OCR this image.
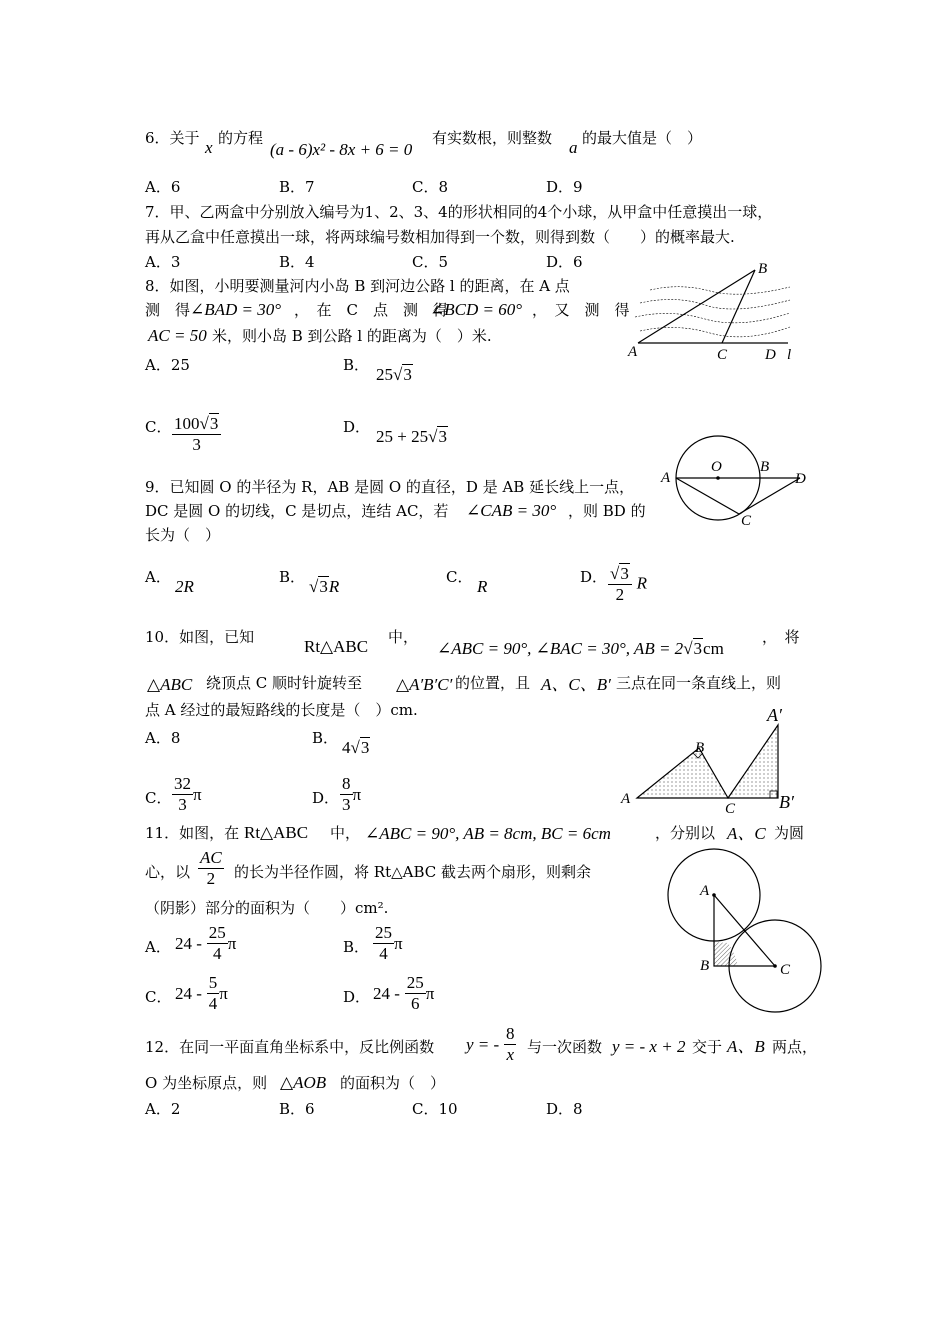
6．关于 x 的方程
(a - 6)x² - 8x + 6 = 0
有实数根，则整数 a 的最大值是（　）
A．6	B．7	C．8	D．9
7．甲、乙两盒中分别放入编号为1、2、3、4的形状相同的4个小球，从甲盒中任意摸出一球，
再从乙盒中任意摸出一球，将两球编号数相加得到一个数，则得到数（　　）的概率最大.
A．3	B．4	C．5	D．6
8．如图，小明要测量河内小岛 B 到河边公路 l 的距离，在 A 点
测　得 ∠BAD = 30° ，　在　C　点　测　得
∠BCD = 60° ，　又　测　得
AC = 50 米，则小岛 B 到公路 l 的距离为（　）米.
A．25	B． 25√3
C． $\frac{100√3}{3}$	D． 25 + 25√3
A
B
C	D l
9．已知圆 O 的半径为 R，AB 是圆 O 的直径，D 是 AB 延长线上一点，
DC 是圆 O 的切线，C 是切点，连结 AC，若 ∠CAB = 30° ，则 BD 的
长为（　）
A． 2R	B． √3R	C． R	D． $\frac{√3}{2}$ R
A
O	B
D
C
10．如图，已知	Rt△ABC 中，
∠ABC = 90°, ∠BAC = 30°, AB = 2√3cm
，　将
△ABC 绕顶点 C 顺时针旋转至 △A′B′C′ 的位置，且 A、C、B′ 三点在同一条直线上，则
点 A 经过的最短路线的长度是（　）cm.
A．8	B． 4√3
C． $\frac{32}{3}$ π	D． $\frac{8}{3}$ π
A′
B
A
C B′
11．如图，在 Rt△ABC 中， ∠ABC = 90°, AB = 8cm, BC = 6cm	，分别以 A、C 为圆
心，以 $\frac{AC}{2}$ 的长为半径作圆，将 Rt△ABC 截去两个扇形，则剩余
（阴影）部分的面积为（　　）cm².
A． $24 - \frac{25}{4}$ π	B． $\frac{25}{4}$ π
C． $24 - \frac{5}{4}$ π	D． $24 - \frac{25}{6}$ π
A
B	C
12．在同一平面直角坐标系中，反比例函数 y = - $\frac{8}{x}$ 与一次函数 y = - x + 2 交于 A、B 两点，
O 为坐标原点，则 △AOB 的面积为（　）
A．2	B．6	C．10	D．8
